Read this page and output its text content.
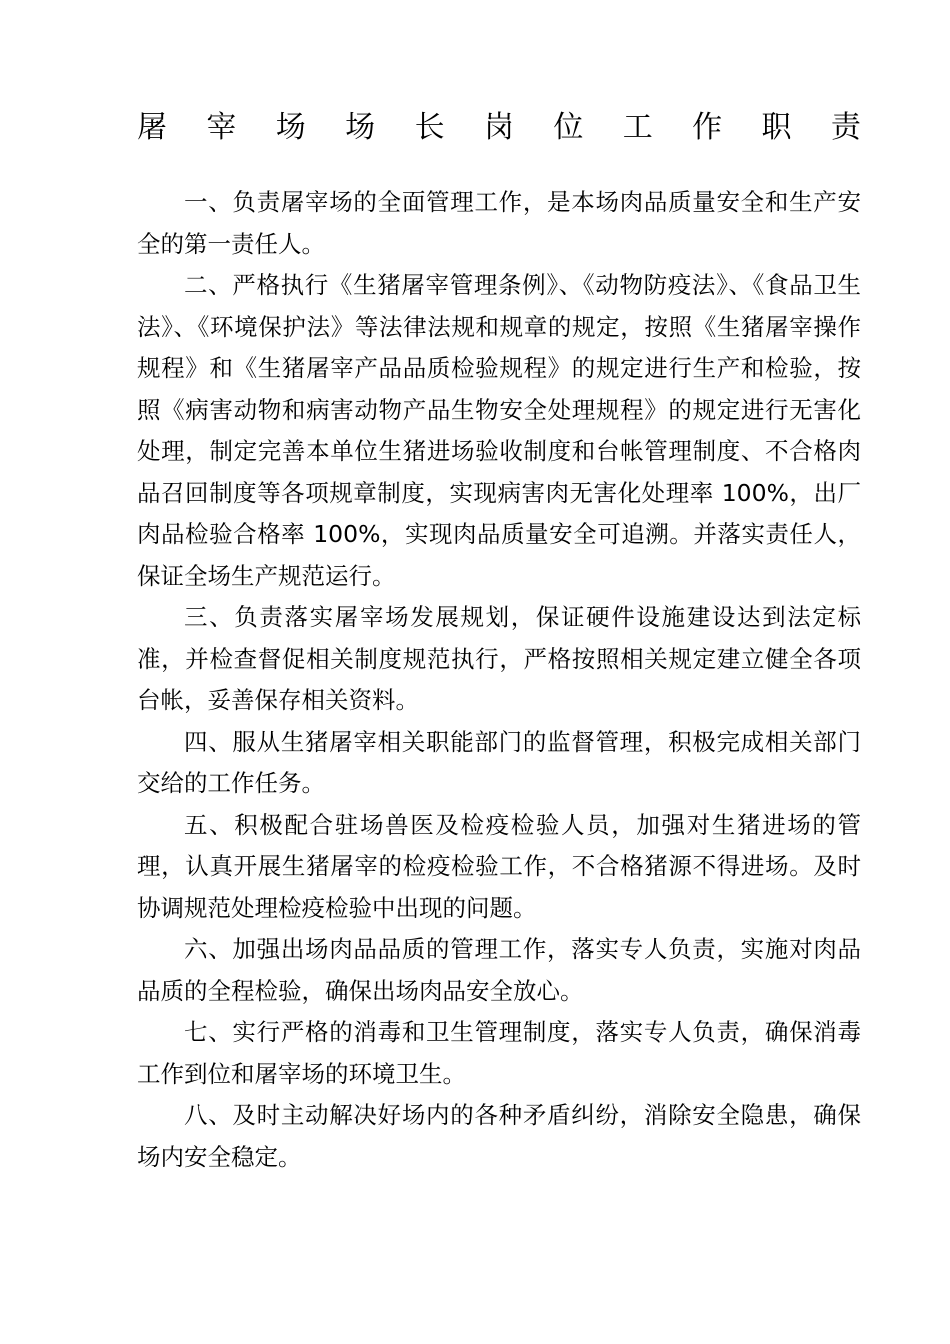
屠 宰 场 场 长 岗 位 工 作 职 责

一、负责屠宰场的全面管理工作，是本场肉品质量安全和生产安全的第一责任人。

二、严格执行《生猪屠宰管理条例》、《动物防疫法》、《食品卫生法》、《环境保护法》等法律法规和规章的规定，按照《生猪屠宰操作规程》和《生猪屠宰产品品质检验规程》的规定进行生产和检验，按照《病害动物和病害动物产品生物安全处理规程》的规定进行无害化处理，制定完善本单位生猪进场验收制度和台帐管理制度、不合格肉品召回制度等各项规章制度，实现病害肉无害化处理率 100%，出厂肉品检验合格率 100%，实现肉品质量安全可追溯。并落实责任人，保证全场生产规范运行。

三、负责落实屠宰场发展规划，保证硬件设施建设达到法定标准，并检查督促相关制度规范执行，严格按照相关规定建立健全各项台帐，妥善保存相关资料。

四、服从生猪屠宰相关职能部门的监督管理，积极完成相关部门交给的工作任务。

五、积极配合驻场兽医及检疫检验人员，加强对生猪进场的管理，认真开展生猪屠宰的检疫检验工作，不合格猪源不得进场。及时协调规范处理检疫检验中出现的问题。

六、加强出场肉品品质的管理工作，落实专人负责，实施对肉品品质的全程检验，确保出场肉品安全放心。

七、实行严格的消毒和卫生管理制度，落实专人负责，确保消毒工作到位和屠宰场的环境卫生。

八、及时主动解决好场内的各种矛盾纠纷，消除安全隐患，确保场内安全稳定。
